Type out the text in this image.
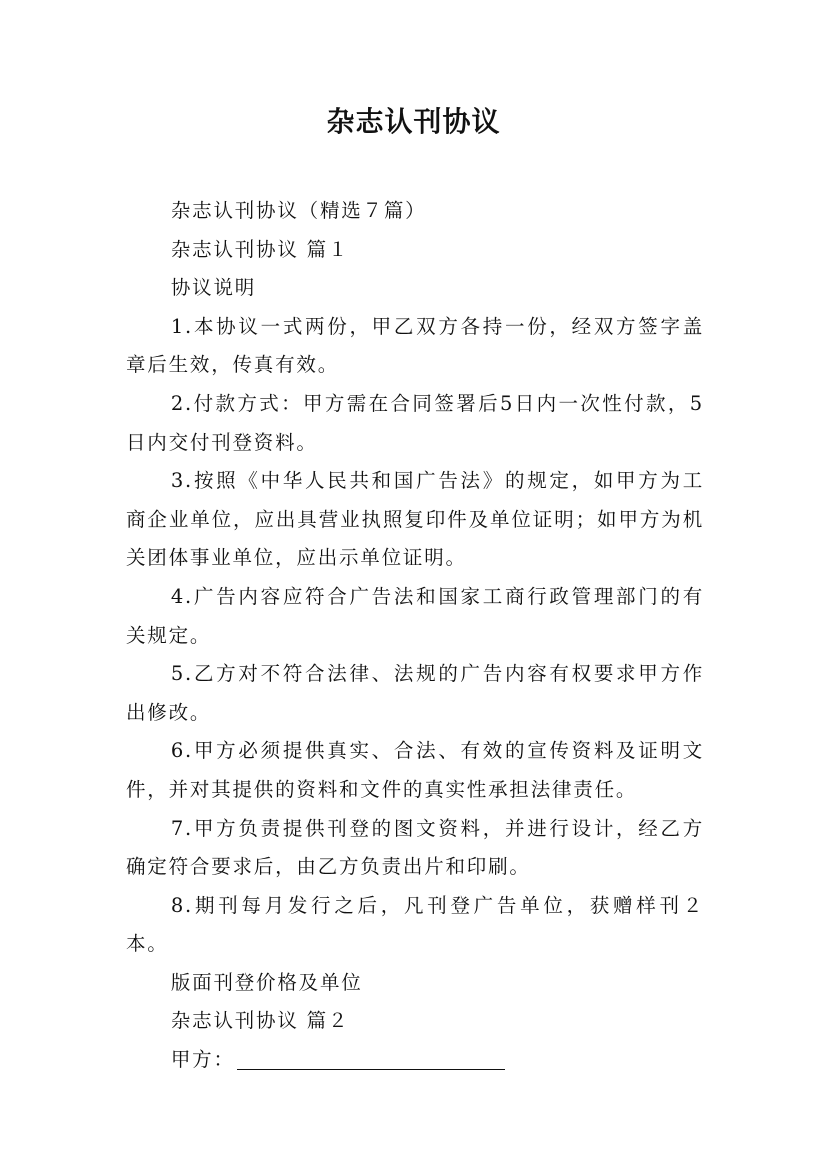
杂志认刊协议

杂志认刊协议（精选７篇）

杂志认刊协议 篇１

协议说明

1.本协议一式两份，甲乙双方各持一份，经双方签字盖章后生效，传真有效。

2.付款方式：甲方需在合同签署后5日内一次性付款，5日内交付刊登资料。

3.按照《中华人民共和国广告法》的规定，如甲方为工商企业单位，应出具营业执照复印件及单位证明；如甲方为机关团体事业单位，应出示单位证明。

4.广告内容应符合广告法和国家工商行政管理部门的有关规定。

5.乙方对不符合法律、法规的广告内容有权要求甲方作出修改。

6.甲方必须提供真实、合法、有效的宣传资料及证明文件，并对其提供的资料和文件的真实性承担法律责任。

7.甲方负责提供刊登的图文资料，并进行设计，经乙方确定符合要求后，由乙方负责出片和印刷。

8.期刊每月发行之后，凡刊登广告单位，获赠样刊２本。

版面刊登价格及单位

杂志认刊协议 篇２

甲方：
